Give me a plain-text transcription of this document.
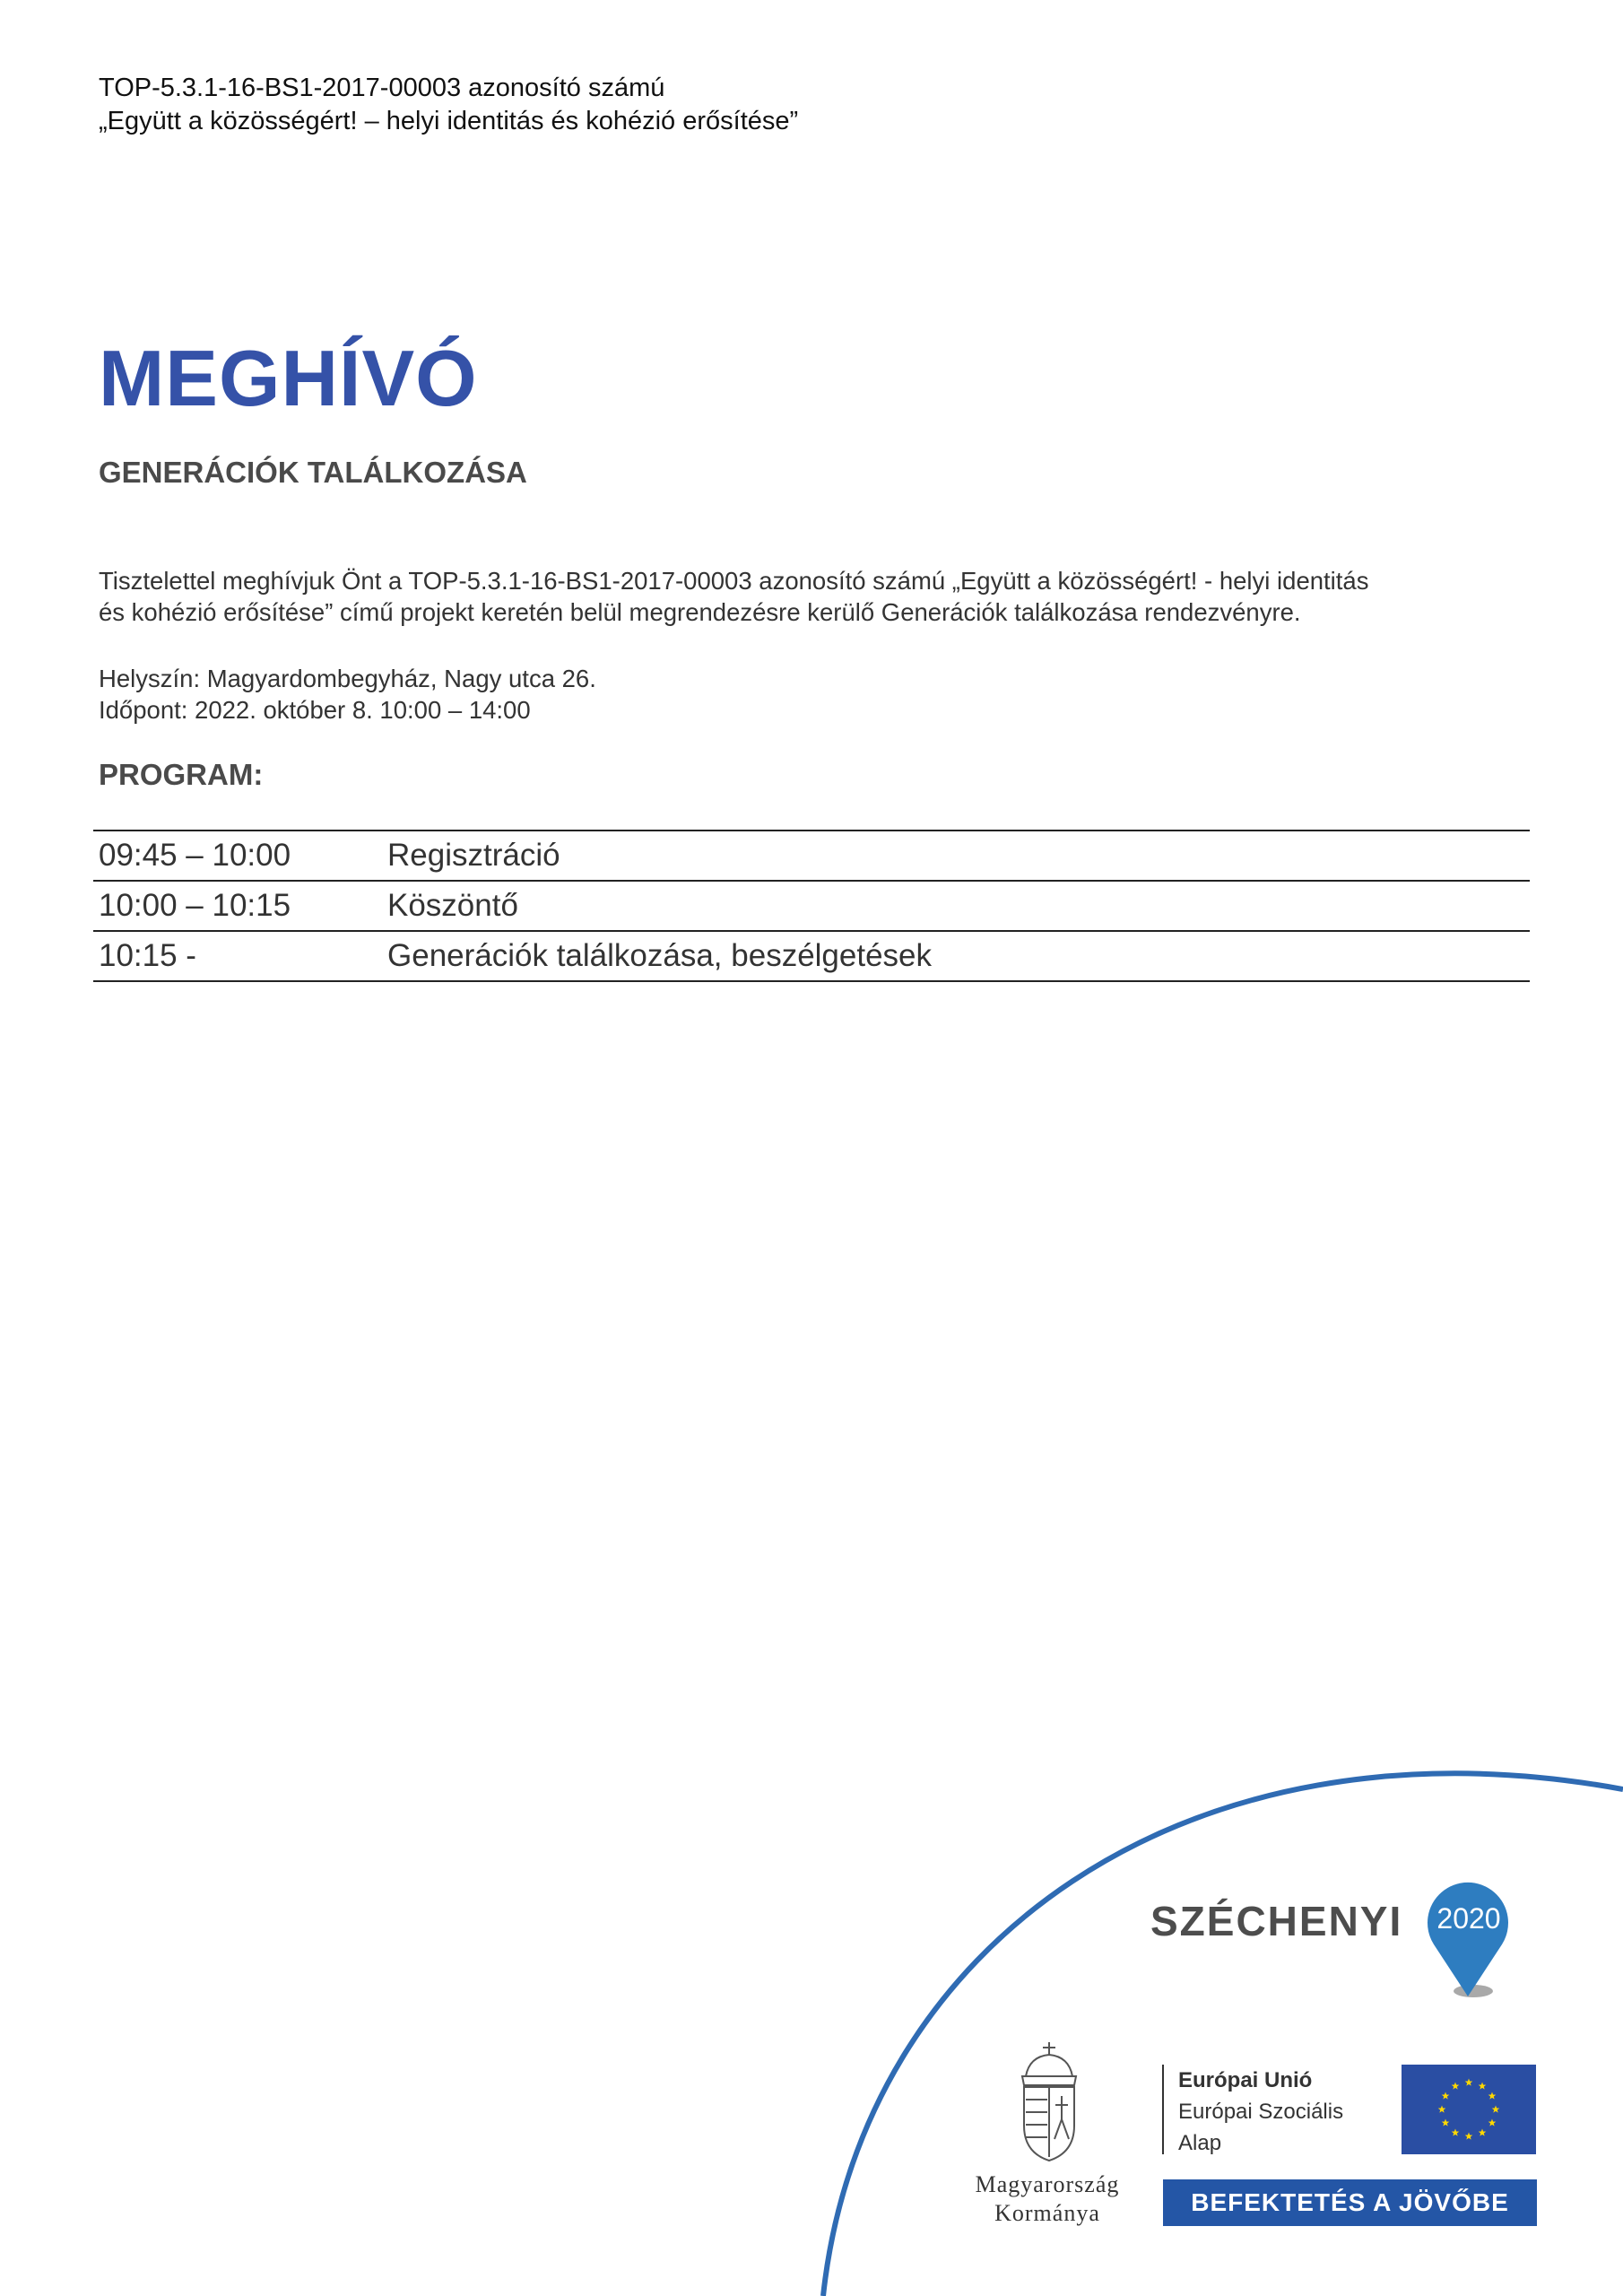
TOP-5.3.1-16-BS1-2017-00003 azonosító számú
„Együtt a közösségért! – helyi identitás és kohézió erősítése”
MEGHÍVÓ
GENERÁCIÓK TALÁLKOZÁSA
Tisztelettel meghívjuk Önt a TOP-5.3.1-16-BS1-2017-00003 azonosító számú „Együtt a közösségért! - helyi identitás
és kohézió erősítése” című projekt keretén belül megrendezésre kerülő Generációk találkozása rendezvényre.
Helyszín: Magyardombegyház, Nagy utca 26.
Időpont: 2022. október 8. 10:00 – 14:00
PROGRAM:
09:45 – 10:00	Regisztráció
10:00 – 10:15	Köszöntő
10:15 -	Generációk találkozása, beszélgetések
SZÉCHENYI	2020
Magyarország
Kormánya
Európai Unió
Európai Szociális
Alap
BEFEKTETÉS A JÖVŐBE
